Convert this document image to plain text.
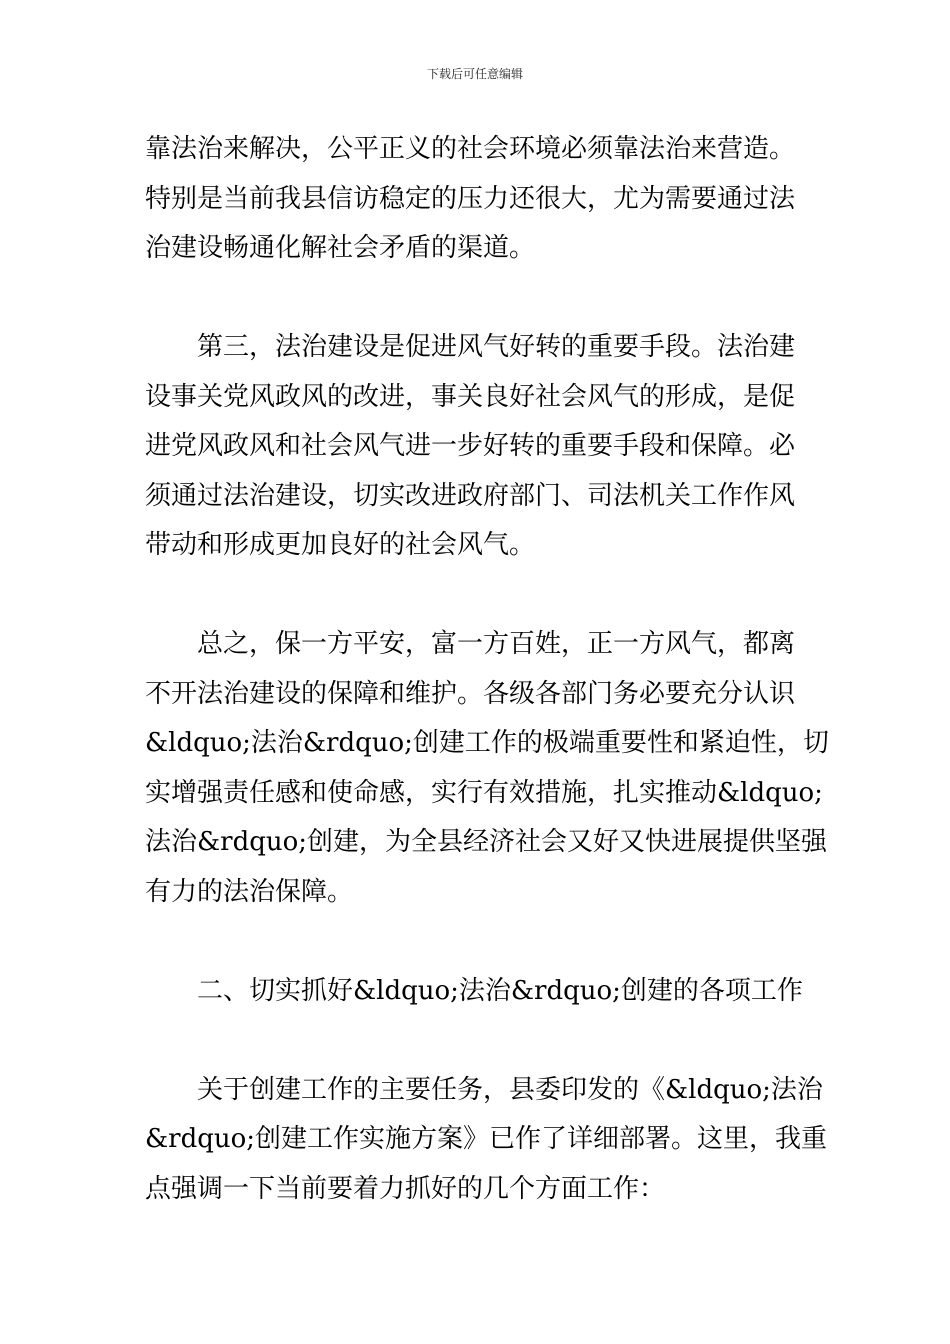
下载后可任意编辑
靠法治来解决，公平正义的社会环境必须靠法治来营造。
特别是当前我县信访稳定的压力还很大，尤为需要通过法
治建设畅通化解社会矛盾的渠道。
　　第三，法治建设是促进风气好转的重要手段。法治建
设事关党风政风的改进，事关良好社会风气的形成，是促
进党风政风和社会风气进一步好转的重要手段和保障。必
须通过法治建设，切实改进政府部门、司法机关工作作风
带动和形成更加良好的社会风气。
　　总之，保一方平安，富一方百姓，正一方风气，都离
不开法治建设的保障和维护。各级各部门务必要充分认识
&ldquo;法治&rdquo;创建工作的极端重要性和紧迫性，切
实增强责任感和使命感，实行有效措施，扎实推动&ldquo;
法治&rdquo;创建，为全县经济社会又好又快进展提供坚强
有力的法治保障。
　　二、切实抓好&ldquo;法治&rdquo;创建的各项工作
　　关于创建工作的主要任务，县委印发的《&ldquo;法治
&rdquo;创建工作实施方案》已作了详细部署。这里，我重
点强调一下当前要着力抓好的几个方面工作：
